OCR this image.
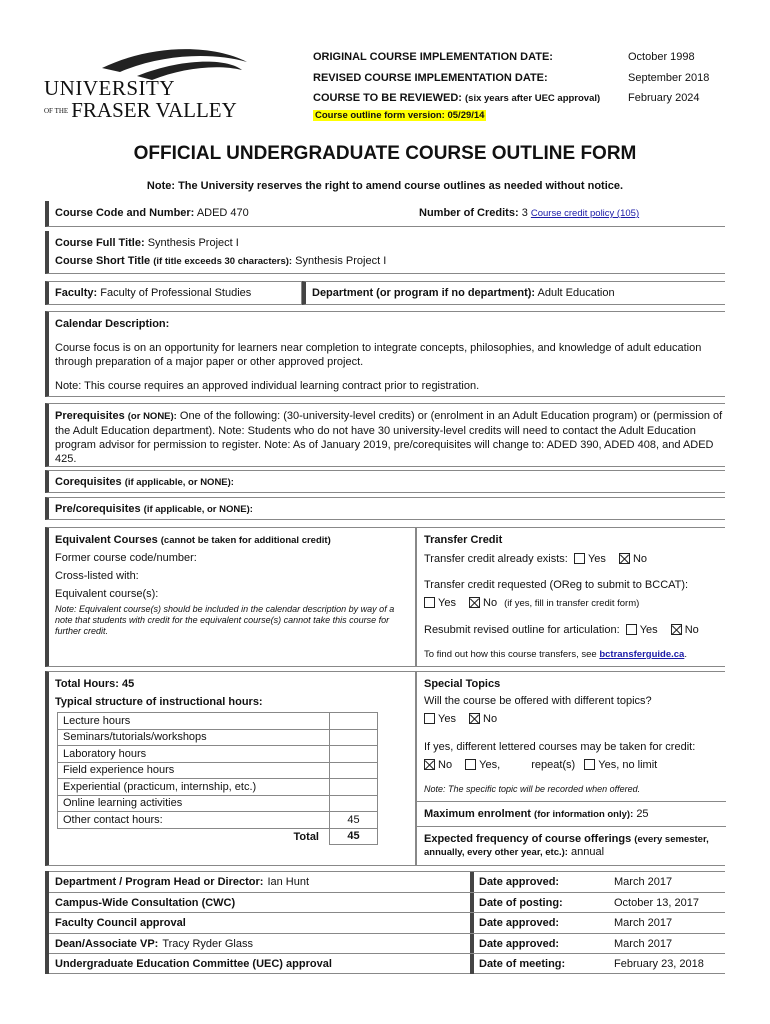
UNIVERSITY
$^{OF THE}$ FRASER VALLEY
ORIGINAL COURSE IMPLEMENTATION DATE:	October 1998
REVISED COURSE IMPLEMENTATION DATE:	September 2018
COURSE TO BE REVIEWED: (six years after UEC approval)	February 2024
Course outline form version: 05/29/14
OFFICIAL UNDERGRADUATE COURSE OUTLINE FORM
Note: The University reserves the right to amend course outlines as needed without notice.
Course Code and Number: ADED 470	Number of Credits: 3 Course credit policy (105)
Course Full Title: Synthesis Project I
Course Short Title (if title exceeds 30 characters): Synthesis Project I
Faculty: Faculty of Professional Studies	Department (or program if no department): Adult Education
Calendar Description:
Course focus is on an opportunity for learners near completion to integrate concepts, philosophies, and knowledge of adult education through preparation of a major paper or other approved project.
Note: This course requires an approved individual learning contract prior to registration.
Prerequisites (or NONE): One of the following: (30-university-level credits) or (enrolment in an Adult Education program) or (permission of the Adult Education department). Note: Students who do not have 30 university-level credits will need to contact the Adult Education program advisor for permission to register. Note: As of January 2019, pre/corequisites will change to: ADED 390, ADED 408, and ADED 425.
Corequisites (if applicable, or NONE):
Pre/corequisites (if applicable, or NONE):
Equivalent Courses (cannot be taken for additional credit)
Former course code/number:
Cross-listed with:
Equivalent course(s):
Note: Equivalent course(s) should be included in the calendar description by way of a note that students with credit for the equivalent course(s) cannot take this course for further credit.
Transfer Credit
Transfer credit already exists: Yes No
Transfer credit requested (OReg to submit to BCCAT):
Yes No (if yes, fill in transfer credit form)
Resubmit revised outline for articulation: Yes No
To find out how this course transfers, see bctransferguide.ca.
Total Hours: 45
Typical structure of instructional hours:
Lecture hours	
Seminars/tutorials/workshops	
Laboratory hours	
Field experience hours	
Experiential (practicum, internship, etc.)	
Online learning activities	
Other contact hours:	45
Total	45
Special Topics
Will the course be offered with different topics?
Yes No
If yes, different lettered courses may be taken for credit:
No Yes,	repeat(s) Yes, no limit
Note: The specific topic will be recorded when offered.
Maximum enrolment (for information only): 25
Expected frequency of course offerings (every semester, annually, every other year, etc.): annual
Department / Program Head or Director: Ian Hunt	Date approved:	March 2017
Campus-Wide Consultation (CWC)	Date of posting:	October 13, 2017
Faculty Council approval	Date approved:	March 2017
Dean/Associate VP: Tracy Ryder Glass	Date approved:	March 2017
Undergraduate Education Committee (UEC) approval	Date of meeting:	February 23, 2018
